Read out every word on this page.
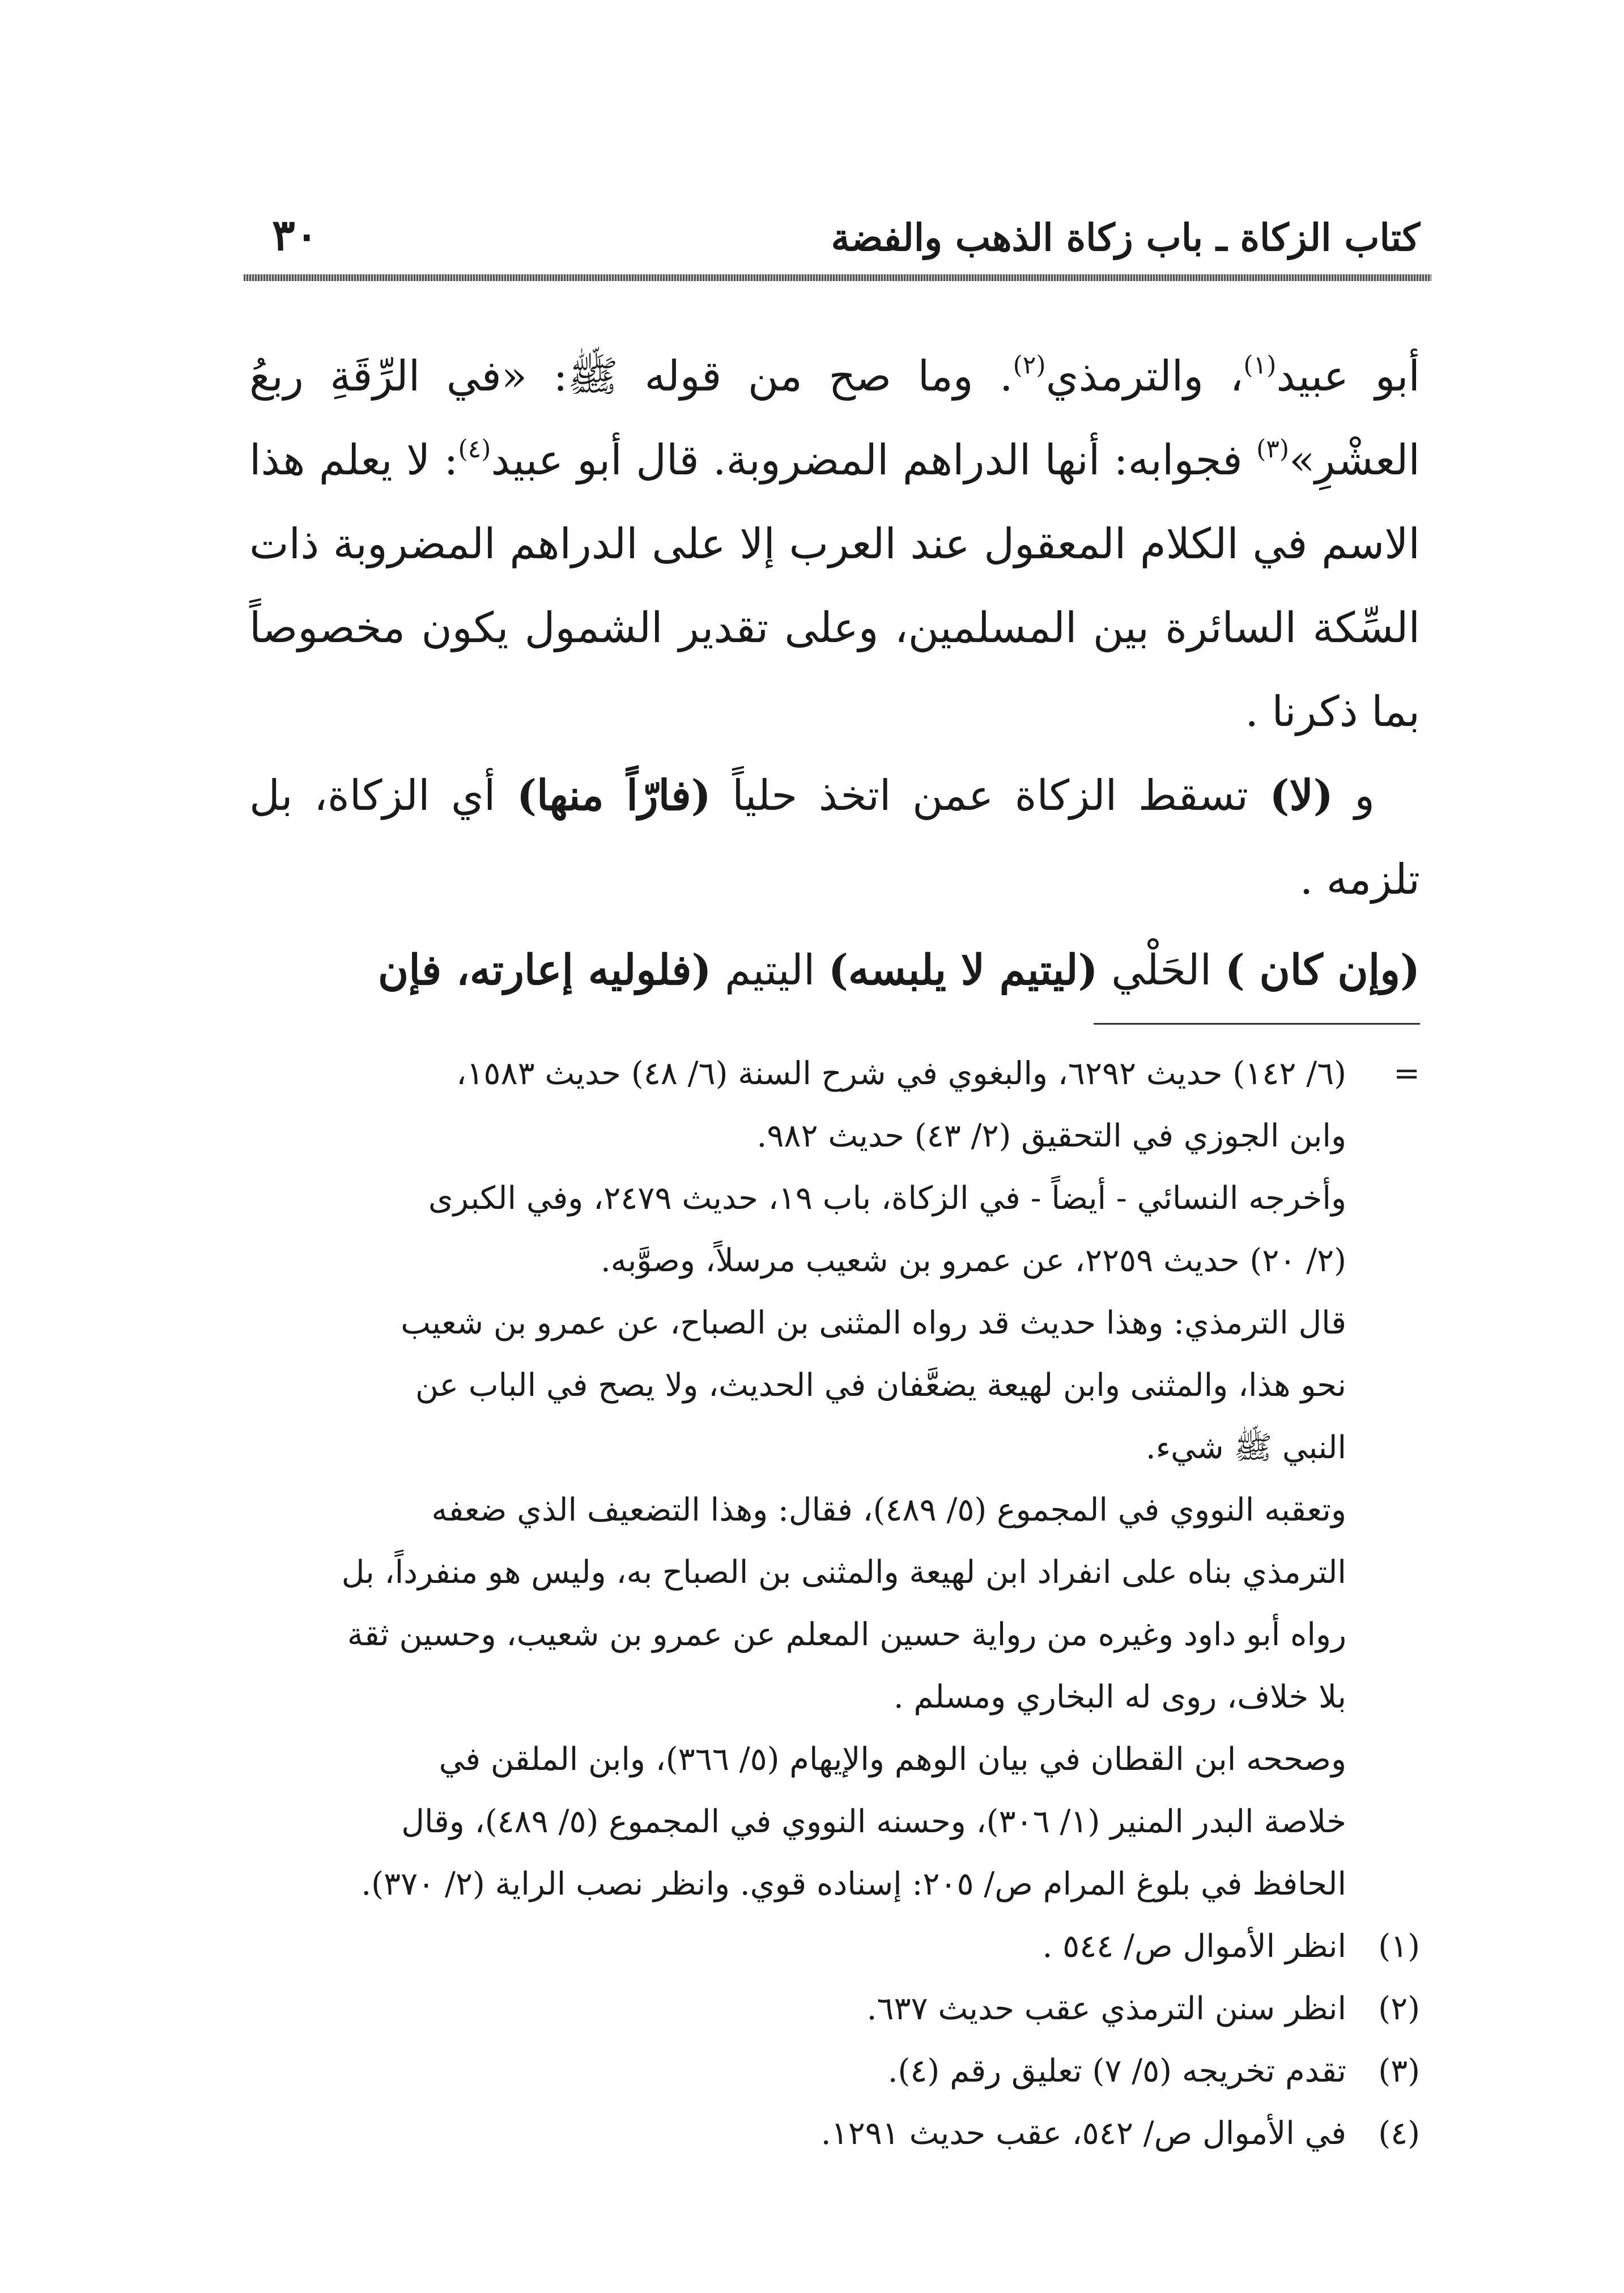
كتاب الزكاة ـ باب زكاة الذهب والفضة
٣٠

أبو عبيد$^{(١)}$، والترمذي$^{(٢)}$. وما صح من قوله ﷺ: «في الرِّقَةِ ربعُ العشْرِ»$^{(٣)}$ فجوابه: أنها الدراهم المضروبة. قال أبو عبيد$^{(٤)}$: لا يعلم هذا الاسم في الكلام المعقول عند العرب إلا على الدراهم المضروبة ذات السِّكة السائرة بين المسلمين، وعلى تقدير الشمول يكون مخصوصاً بما ذكرنا .

و (لا) تسقط الزكاة عمن اتخذ حلياً (فارّاً منها) أي الزكاة، بل تلزمه .

(وإن كان ) الحَلْي (ليتيم لا يلبسه) اليتيم (فلوليه إعارته، فإن

=
(٦/ ١٤٢) حديث ٦٢٩٢، والبغوي في شرح السنة (٦/ ٤٨) حديث ١٥٨٣،
وابن الجوزي في التحقيق (٢/ ٤٣) حديث ٩٨٢.
وأخرجه النسائي - أيضاً - في الزكاة، باب ١٩، حديث ٢٤٧٩، وفي الكبرى
(٢/ ٢٠) حديث ٢٢٥٩، عن عمرو بن شعيب مرسلاً، وصوَّبه.
قال الترمذي: وهذا حديث قد رواه المثنى بن الصباح، عن عمرو بن شعيب
نحو هذا، والمثنى وابن لهيعة يضعَّفان في الحديث، ولا يصح في الباب عن
النبي ﷺ شيء.
وتعقبه النووي في المجموع (٥/ ٤٨٩)، فقال: وهذا التضعيف الذي ضعفه
الترمذي بناه على انفراد ابن لهيعة والمثنى بن الصباح به، وليس هو منفرداً، بل
رواه أبو داود وغيره من رواية حسين المعلم عن عمرو بن شعيب، وحسين ثقة
بلا خلاف، روى له البخاري ومسلم .
وصححه ابن القطان في بيان الوهم والإيهام (٥/ ٣٦٦)، وابن الملقن في
خلاصة البدر المنير (١/ ٣٠٦)، وحسنه النووي في المجموع (٥/ ٤٨٩)، وقال
الحافظ في بلوغ المرام ص/ ٢٠٥: إسناده قوي. وانظر نصب الراية (٢/ ٣٧٠).
(١)
انظر الأموال ص/ ٥٤٤ .
(٢)
انظر سنن الترمذي عقب حديث ٦٣٧.
(٣)
تقدم تخريجه (٥/ ٧) تعليق رقم (٤).
(٤)
في الأموال ص/ ٥٤٢، عقب حديث ١٢٩١.
